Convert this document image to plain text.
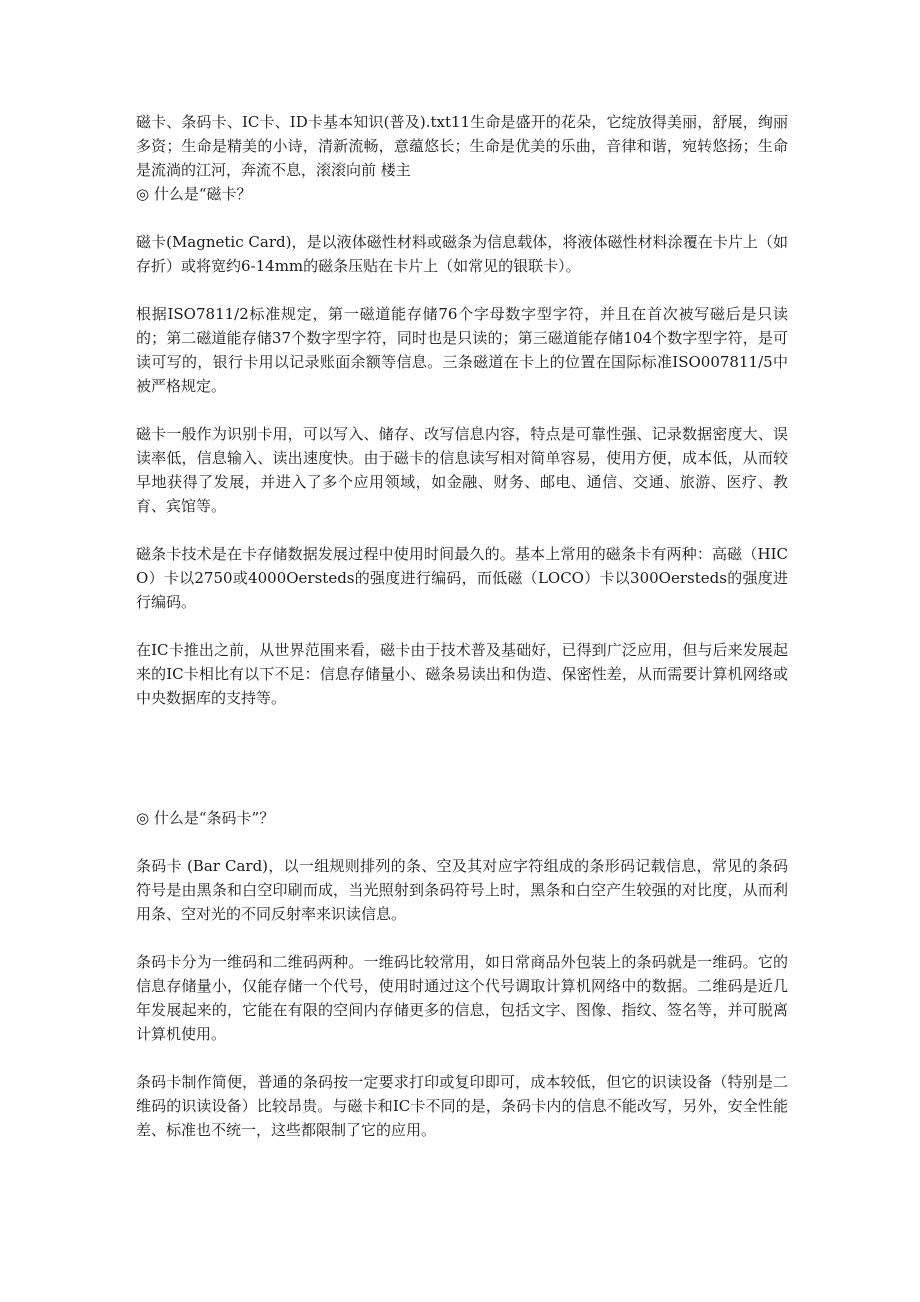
磁卡、条码卡、IC卡、ID卡基本知识(普及).txt11生命是盛开的花朵，它绽放得美丽，舒展，绚丽多资；生命是精美的小诗，清新流畅，意蕴悠长；生命是优美的乐曲，音律和谐，宛转悠扬；生命是流淌的江河，奔流不息，滚滚向前 楼主

◎ 什么是“磁卡？

磁卡(Magnetic Card)，是以液体磁性材料或磁条为信息载体，将液体磁性材料涂覆在卡片上（如存折）或将宽约6-14mm的磁条压贴在卡片上（如常见的银联卡）。

根据ISO7811/2标准规定，第一磁道能存储76个字母数字型字符，并且在首次被写磁后是只读的；第二磁道能存储37个数字型字符，同时也是只读的；第三磁道能存储104个数字型字符，是可读可写的，银行卡用以记录账面余额等信息。三条磁道在卡上的位置在国际标准ISO007811/5中被严格规定。

磁卡一般作为识别卡用，可以写入、储存、改写信息内容，特点是可靠性强、记录数据密度大、误读率低，信息输入、读出速度快。由于磁卡的信息读写相对简单容易，使用方便，成本低，从而较早地获得了发展，并进入了多个应用领域，如金融、财务、邮电、通信、交通、旅游、医疗、教育、宾馆等。

磁条卡技术是在卡存储数据发展过程中使用时间最久的。基本上常用的磁条卡有两种：高磁（HICO）卡以2750或4000Oersteds的强度进行编码，而低磁（LOCO）卡以300Oersteds的强度进行编码。

在IC卡推出之前，从世界范围来看，磁卡由于技术普及基础好，已得到广泛应用，但与后来发展起来的IC卡相比有以下不足：信息存储量小、磁条易读出和伪造、保密性差，从而需要计算机网络或中央数据库的支持等。

◎ 什么是“条码卡”？

条码卡 (Bar Card)，以一组规则排列的条、空及其对应字符组成的条形码记载信息，常见的条码符号是由黑条和白空印刷而成，当光照射到条码符号上时，黑条和白空产生较强的对比度，从而利用条、空对光的不同反射率来识读信息。

条码卡分为一维码和二维码两种。一维码比较常用，如日常商品外包装上的条码就是一维码。它的信息存储量小，仅能存储一个代号，使用时通过这个代号调取计算机网络中的数据。二维码是近几年发展起来的，它能在有限的空间内存储更多的信息，包括文字、图像、指纹、签名等，并可脱离计算机使用。

条码卡制作简便，普通的条码按一定要求打印或复印即可，成本较低，但它的识读设备（特别是二维码的识读设备）比较昂贵。与磁卡和IC卡不同的是，条码卡内的信息不能改写，另外，安全性能差、标准也不统一，这些都限制了它的应用。
